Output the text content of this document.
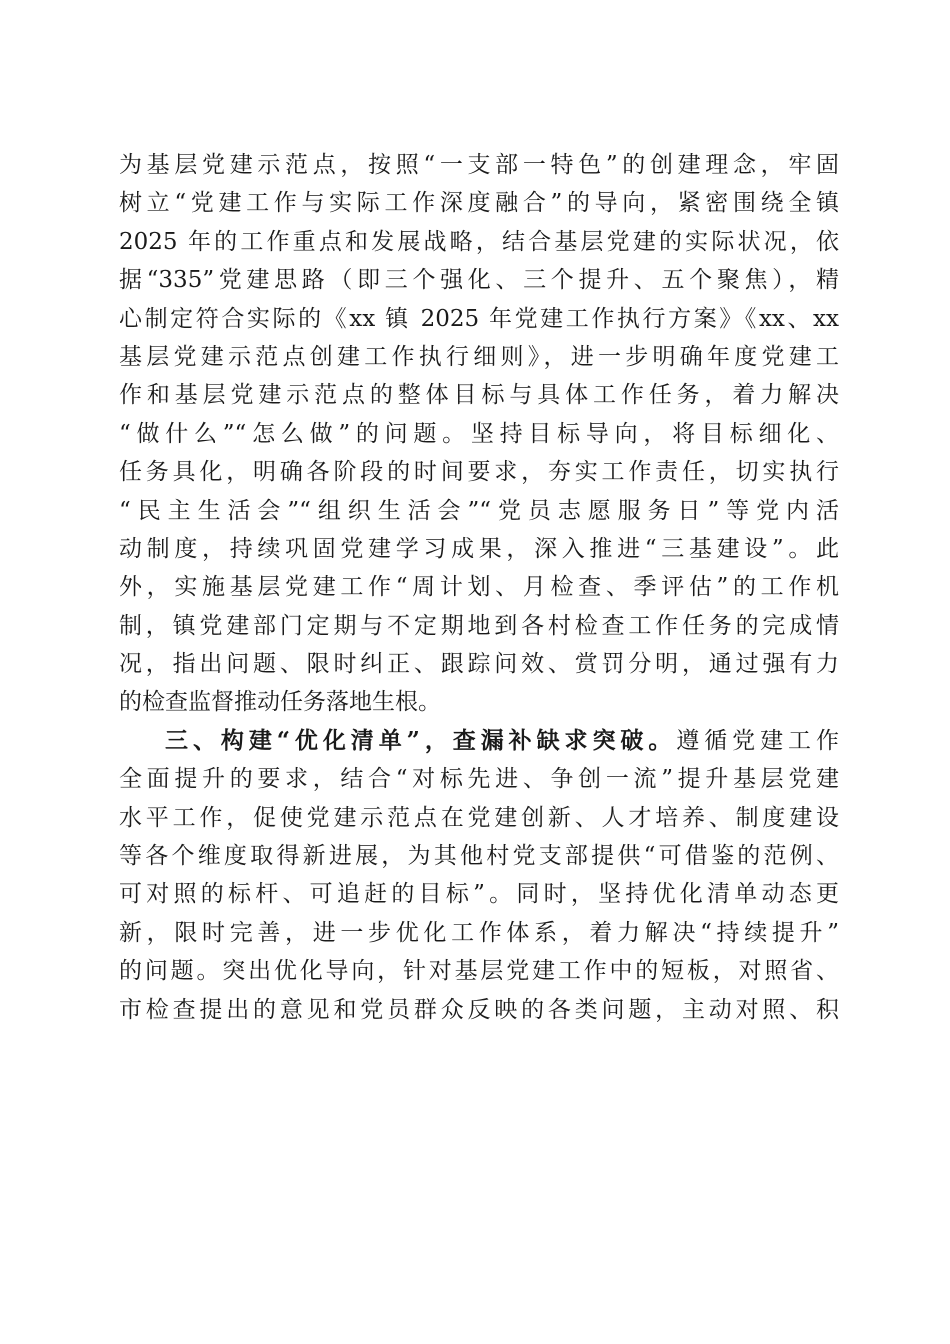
为基层党建示范点，按照“一支部一特色”的创建理念，牢固
树立“党建工作与实际工作深度融合”的导向，紧密围绕全镇
2025 年的工作重点和发展战略，结合基层党建的实际状况，依
据“335”党建思路（即三个强化、三个提升、五个聚焦），精
心制定符合实际的《xx 镇 2025 年党建工作执行方案》《xx、xx
基层党建示范点创建工作执行细则》，进一步明确年度党建工
作和基层党建示范点的整体目标与具体工作任务，着力解决
“做什么”“怎么做”的问题。坚持目标导向，将目标细化、
任务具化，明确各阶段的时间要求，夯实工作责任，切实执行
“民主生活会”“组织生活会”“党员志愿服务日”等党内活
动制度，持续巩固党建学习成果，深入推进“三基建设”。此
外，实施基层党建工作“周计划、月检查、季评估”的工作机
制，镇党建部门定期与不定期地到各村检查工作任务的完成情
况，指出问题、限时纠正、跟踪问效、赏罚分明，通过强有力
的检查监督推动任务落地生根。
三、构建“优化清单”，查漏补缺求突破。遵循党建工作
全面提升的要求，结合“对标先进、争创一流”提升基层党建
水平工作，促使党建示范点在党建创新、人才培养、制度建设
等各个维度取得新进展，为其他村党支部提供“可借鉴的范例、
可对照的标杆、可追赶的目标”。同时，坚持优化清单动态更
新，限时完善，进一步优化工作体系，着力解决“持续提升”
的问题。突出优化导向，针对基层党建工作中的短板，对照省、
市检查提出的意见和党员群众反映的各类问题，主动对照、积
